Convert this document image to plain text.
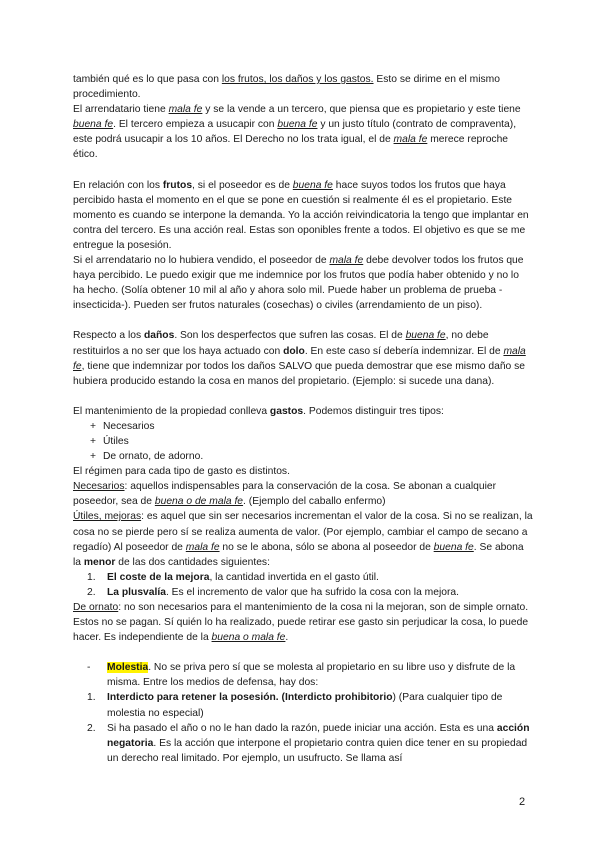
también qué es lo que pasa con los frutos, los daños y los gastos. Esto se dirime en el mismo procedimiento.

El arrendatario tiene mala fe y se la vende a un tercero, que piensa que es propietario y este tiene buena fe. El tercero empieza a usucapir con buena fe y un justo título (contrato de compraventa), este podrá usucapir a los 10 años. El Derecho no los trata igual, el de mala fe merece reproche ético.

En relación con los frutos, si el poseedor es de buena fe hace suyos todos los frutos que haya percibido hasta el momento en el que se pone en cuestión si realmente él es el propietario. Este momento es cuando se interpone la demanda. Yo la acción reivindicatoria la tengo que implantar en contra del tercero. Es una acción real. Estas son oponibles frente a todos. El objetivo es que se me entregue la posesión.

Si el arrendatario no lo hubiera vendido, el poseedor de mala fe debe devolver todos los frutos que haya percibido. Le puedo exigir que me indemnice por los frutos que podía haber obtenido y no lo ha hecho. (Solía obtener 10 mil al año y ahora solo mil. Puede haber un problema de prueba -insecticida-). Pueden ser frutos naturales (cosechas) o civiles (arrendamiento de un piso).

Respecto a los daños. Son los desperfectos que sufren las cosas. El de buena fe, no debe restituirlos a no ser que los haya actuado con dolo. En este caso sí debería indemnizar. El de mala fe, tiene que indemnizar por todos los daños SALVO que pueda demostrar que ese mismo daño se hubiera producido estando la cosa en manos del propietario. (Ejemplo: si sucede una dana).

El mantenimiento de la propiedad conlleva gastos. Podemos distinguir tres tipos:

+ Necesarios
+ Útiles
+ De ornato, de adorno.

El régimen para cada tipo de gasto es distintos.

Necesarios: aquellos indispensables para la conservación de la cosa. Se abonan a cualquier poseedor, sea de buena o de mala fe. (Ejemplo del caballo enfermo)

Útiles, mejoras: es aquel que sin ser necesarios incrementan el valor de la cosa. Si no se realizan, la cosa no se pierde pero sí se realiza aumenta de valor. (Por ejemplo, cambiar el campo de secano a regadío) Al poseedor de mala fe no se le abona, sólo se abona al poseedor de buena fe. Se abona la menor de las dos cantidades siguientes:

1. El coste de la mejora, la cantidad invertida en el gasto útil.
2. La plusvalía. Es el incremento de valor que ha sufrido la cosa con la mejora.

De ornato: no son necesarios para el mantenimiento de la cosa ni la mejoran, son de simple ornato. Estos no se pagan. Sí quién lo ha realizado, puede retirar ese gasto sin perjudicar la cosa, lo puede hacer. Es independiente de la buena o mala fe.

- Molestia. No se priva pero sí que se molesta al propietario en su libre uso y disfrute de la misma. Entre los medios de defensa, hay dos:
1. Interdicto para retener la posesión. (Interdicto prohibitorio) (Para cualquier tipo de molestia no especial)
2. Si ha pasado el año o no le han dado la razón, puede iniciar una acción. Esta es una acción negatoria. Es la acción que interpone el propietario contra quien dice tener en su propiedad un derecho real limitado. Por ejemplo, un usufructo. Se llama así
2
